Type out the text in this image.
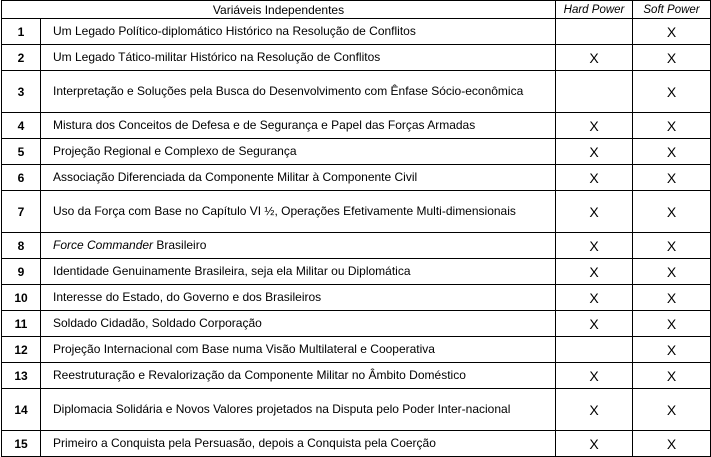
Variáveis Independentes		Hard Power	Soft Power
1	Um Legado Político-diplomático Histórico na Resolução de Conflitos		X
2	Um Legado Tático-militar Histórico na Resolução de Conflitos	X	X
3	Interpretação e Soluções pela Busca do Desenvolvimento com Ênfase Sócio-econômica		X
4	Mistura dos Conceitos de Defesa e de Segurança e Papel das Forças Armadas	X	X
5	Projeção Regional e Complexo de Segurança	X	X
6	Associação Diferenciada da Componente Militar à Componente Civil	X	X
7	Uso da Força com Base no Capítulo VI ½, Operações Efetivamente Multi-dimensionais	X	X
8	Force Commander Brasileiro	X	X
9	Identidade Genuinamente Brasileira, seja ela Militar ou Diplomática	X	X
10	Interesse do Estado, do Governo e dos Brasileiros	X	X
11	Soldado Cidadão, Soldado Corporação	X	X
12	Projeção Internacional com Base numa Visão Multilateral e Cooperativa		X
13	Reestruturação e Revalorização da Componente Militar no Âmbito Doméstico	X	X
14	Diplomacia Solidária e Novos Valores projetados na Disputa pelo Poder Inter-nacional	X	X
15	Primeiro a Conquista pela Persuasão, depois a Conquista pela Coerção	X	X
